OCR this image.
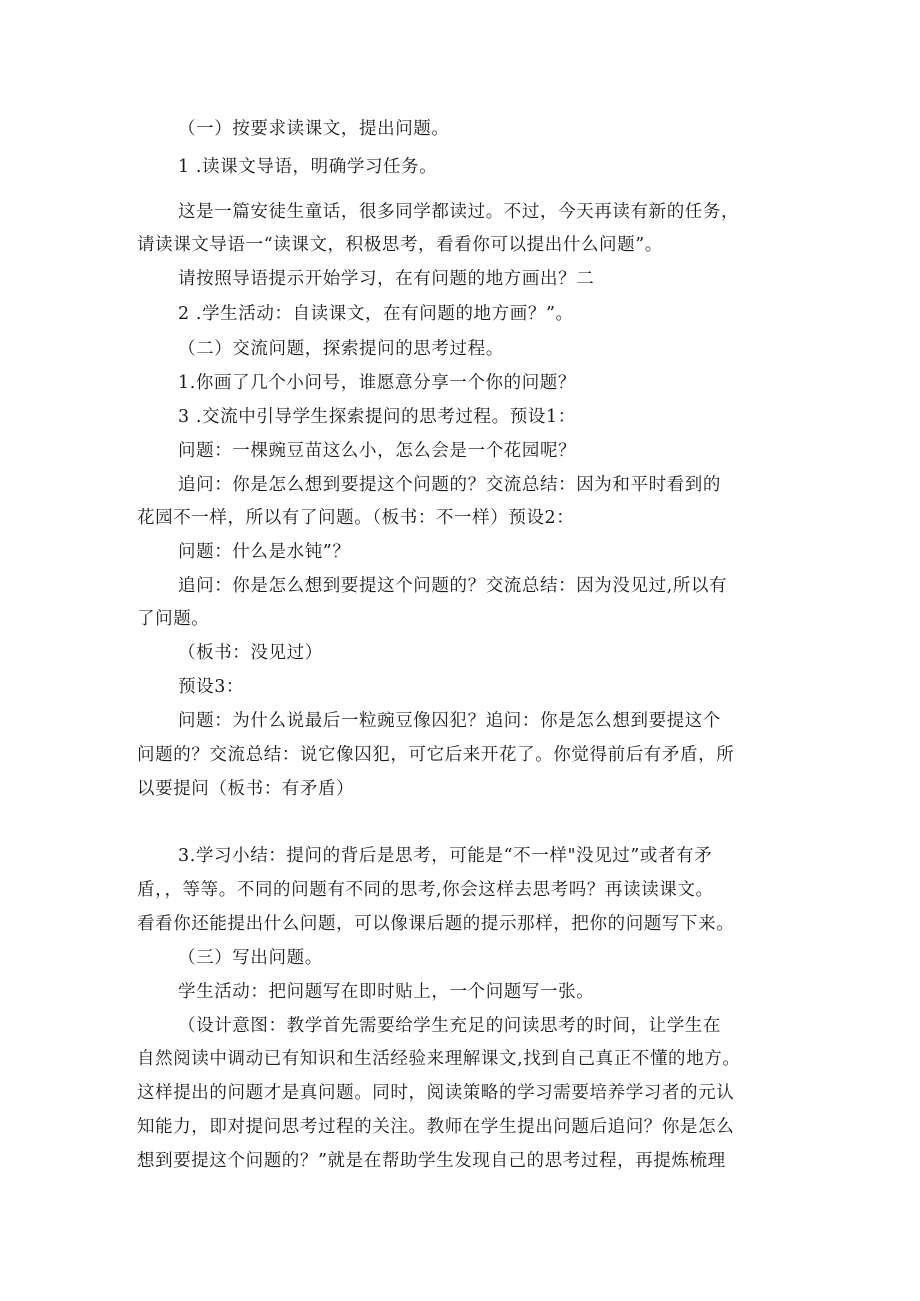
（一）按要求读课文，提出问题。
1 .读课文导语，明确学习任务。
这是一篇安徒生童话，很多同学都读过。不过，今天再读有新的任务，
请读课文导语一“读课文，积极思考，看看你可以提出什么问题”。
请按照导语提示开始学习，在有问题的地方画出？二
2 .学生活动：自读课文，在有问题的地方画？”。
（二）交流问题，探索提问的思考过程。
1.你画了几个小问号，谁愿意分享一个你的问题？
3 .交流中引导学生探索提问的思考过程。预设1：
问题：一棵豌豆苗这么小，怎么会是一个花园呢？
追问：你是怎么想到要提这个问题的？交流总结：因为和平时看到的
花园不一样，所以有了问题。（板书：不一样）预设2：
问题：什么是水钝”？
追问：你是怎么想到要提这个问题的？交流总结：因为没见过,所以有
了问题。
（板书：没见过）
预设3：
问题：为什么说最后一粒豌豆像囚犯？追问：你是怎么想到要提这个
问题的？交流总结：说它像囚犯，可它后来开花了。你觉得前后有矛盾，所
以要提问（板书：有矛盾）
3.学习小结：提问的背后是思考，可能是“不一样"没见过”或者有矛
盾，，等等。不同的问题有不同的思考,你会这样去思考吗？再读读课文。
看看你还能提出什么问题，可以像课后题的提示那样，把你的问题写下来。
（三）写出问题。
学生活动：把问题写在即时贴上，一个问题写一张。
（设计意图：教学首先需要给学生充足的问读思考的时间，让学生在
自然阅读中调动已有知识和生活经验来理解课文,找到自己真正不懂的地方。
这样提出的问题才是真问题。同时，阅读策略的学习需要培养学习者的元认
知能力，即对提问思考过程的关注。教师在学生提出问题后追问？你是怎么
想到要提这个问题的？”就是在帮助学生发现自己的思考过程，再提炼梳理
